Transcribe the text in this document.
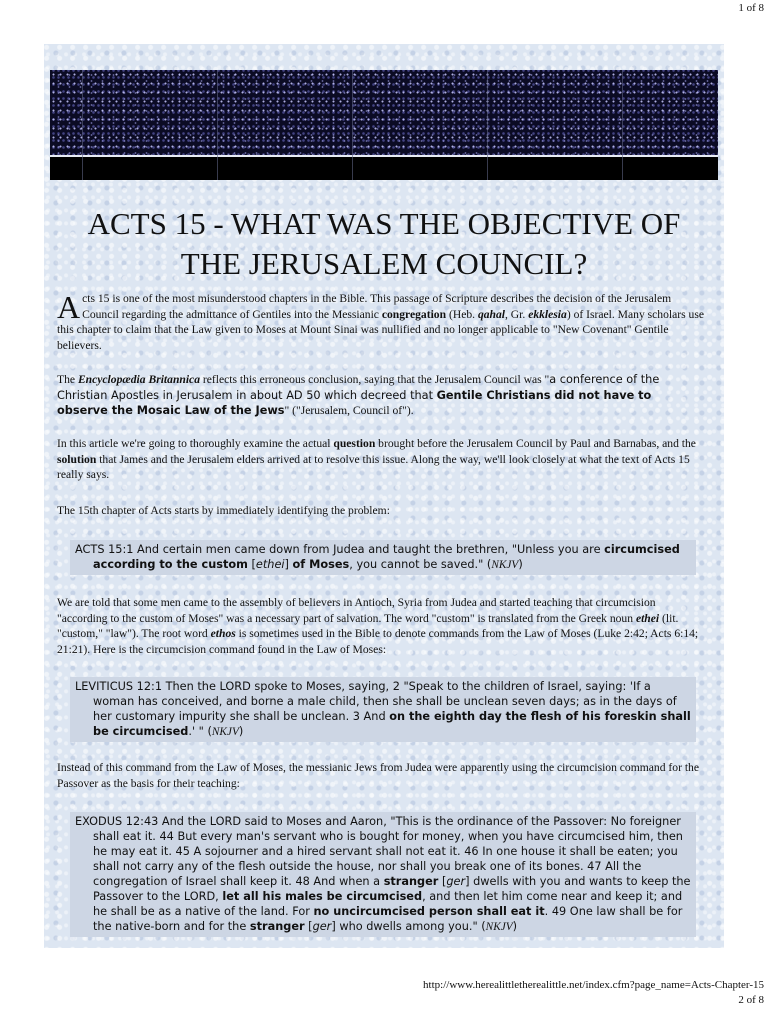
1 of 8
ACTS 15 - WHAT WAS THE OBJECTIVE OF
THE JERUSALEM COUNCIL?

Acts 15 is one of the most misunderstood chapters in the Bible. This passage of Scripture describes the decision of the Jerusalem Council regarding the admittance of Gentiles into the Messianic congregation (Heb. qahal, Gr. ekklesia) of Israel. Many scholars use this chapter to claim that the Law given to Moses at Mount Sinai was nullified and no longer applicable to "New Covenant" Gentile believers.

The Encyclopædia Britannica reflects this erroneous conclusion, saying that the Jerusalem Council was "a conference of the Christian Apostles in Jerusalem in about AD 50 which decreed that Gentile Christians did not have to observe the Mosaic Law of the Jews" ("Jerusalem, Council of").

In this article we're going to thoroughly examine the actual question brought before the Jerusalem Council by Paul and Barnabas, and the solution that James and the Jerusalem elders arrived at to resolve this issue. Along the way, we'll look closely at what the text of Acts 15 really says.

The 15th chapter of Acts starts by immediately identifying the problem:

ACTS 15:1 And certain men came down from Judea and taught the brethren, "Unless you are circumcised according to the custom [ethei] of Moses, you cannot be saved." (NKJV)

We are told that some men came to the assembly of believers in Antioch, Syria from Judea and started teaching that circumcision "according to the custom of Moses" was a necessary part of salvation. The word "custom" is translated from the Greek noun ethei (lit. "custom," "law"). The root word ethos is sometimes used in the Bible to denote commands from the Law of Moses (Luke 2:42; Acts 6:14; 21:21). Here is the circumcision command found in the Law of Moses:

LEVITICUS 12:1 Then the LORD spoke to Moses, saying, 2 "Speak to the children of Israel, saying: 'If a woman has conceived, and borne a male child, then she shall be unclean seven days; as in the days of her customary impurity she shall be unclean. 3 And on the eighth day the flesh of his foreskin shall be circumcised.' " (NKJV)

Instead of this command from the Law of Moses, the messianic Jews from Judea were apparently using the circumcision command for the Passover as the basis for their teaching:

EXODUS 12:43 And the LORD said to Moses and Aaron, "This is the ordinance of the Passover: No foreigner shall eat it. 44 But every man's servant who is bought for money, when you have circumcised him, then he may eat it. 45 A sojourner and a hired servant shall not eat it. 46 In one house it shall be eaten; you shall not carry any of the flesh outside the house, nor shall you break one of its bones. 47 All the congregation of Israel shall keep it. 48 And when a stranger [ger] dwells with you and wants to keep the Passover to the LORD, let all his males be circumcised, and then let him come near and keep it; and he shall be as a native of the land. For no uncircumcised person shall eat it. 49 One law shall be for the native-born and for the stranger [ger] who dwells among you." (NKJV)
http://www.herealittletherealittle.net/index.cfm?page_name=Acts-Chapter-15
2 of 8
